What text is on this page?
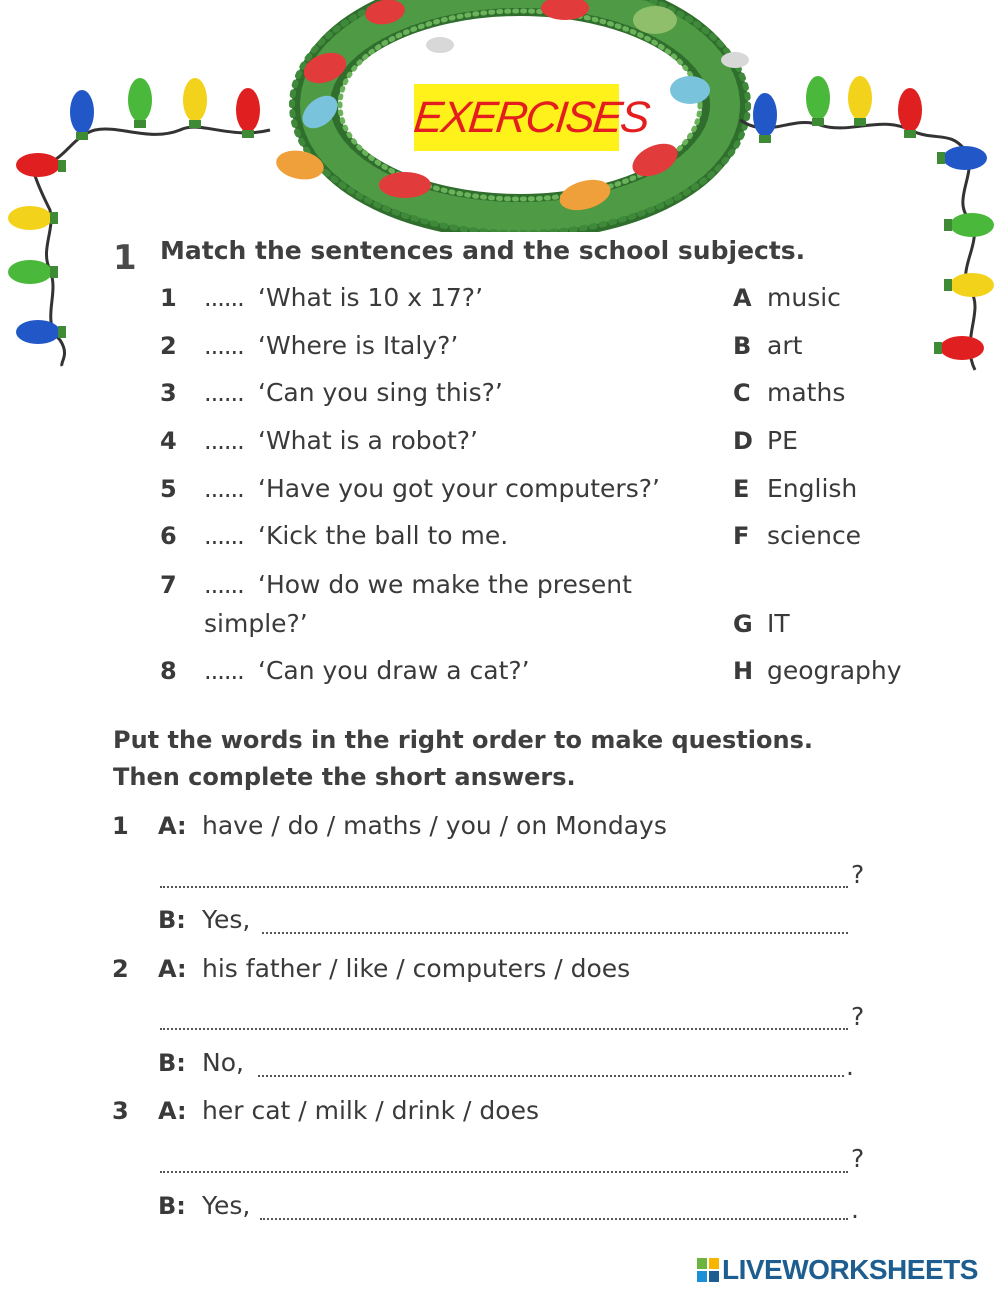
EXERCISES
1 Match the sentences and the school subjects.
1 ...... ‘What is 10 x 17?’	A music
2 ...... ‘Where is Italy?’	B art
3 ...... ‘Can you sing this?’	C maths
4 ...... ‘What is a robot?’	D PE
5 ...... ‘Have you got your computers?’	E English
6 ...... ‘Kick the ball to me.	F science
7 ...... ‘How do we make the present
simple?’	G IT
8 ...... ‘Can you draw a cat?’	H geography
Put the words in the right order to make questions.
Then complete the short answers.
1 A: have / do / maths / you / on Mondays
?
B: Yes,
2 A: his father / like / computers / does
?
B: No,	.
3 A: her cat / milk / drink / does
?
B: Yes,	.
LIVEWORKSHEETS
